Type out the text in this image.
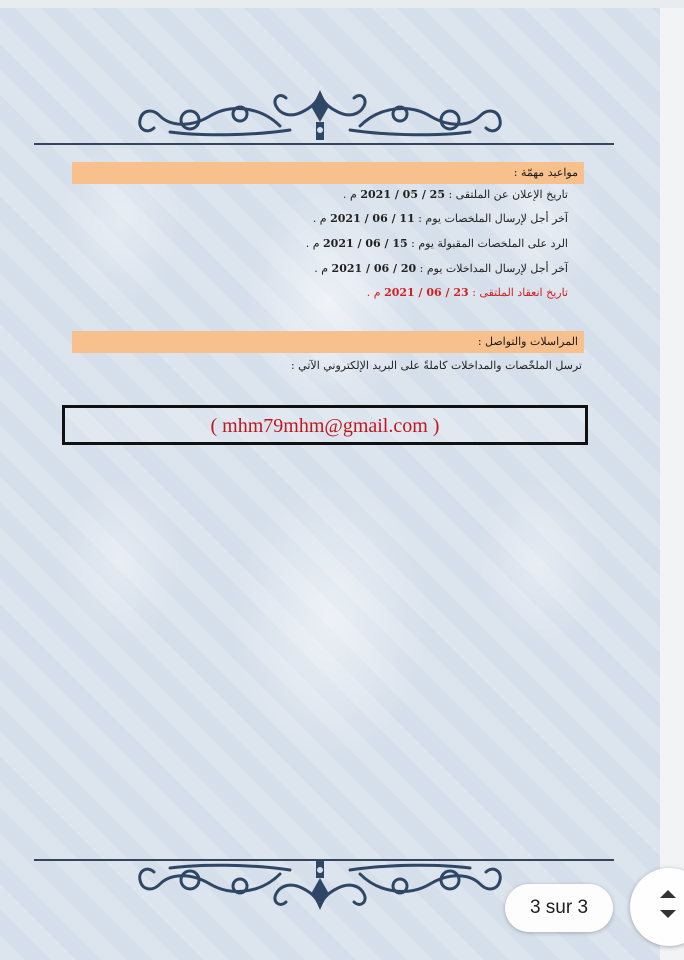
مواعيد مهمّة :
تاريخ الإعلان عن الملتقى : 25 / 05 / 2021 م .
آخر أجل لإرسال الملخصات يوم : 11 / 06 / 2021 م .
الرد على الملخصات المقبولة يوم : 15 / 06 / 2021 م .
آخر أجل لإرسال المداخلات يوم : 20 / 06 / 2021 م .
تاريخ انعقاد الملتقى : 23 / 06 / 2021 م .
المراسلات والتواصل :
ترسل الملخّصات والمداخلات كاملةً على البريد الإلكتروني الآتي :
( mhm79mhm@gmail.com )
3 sur 3
